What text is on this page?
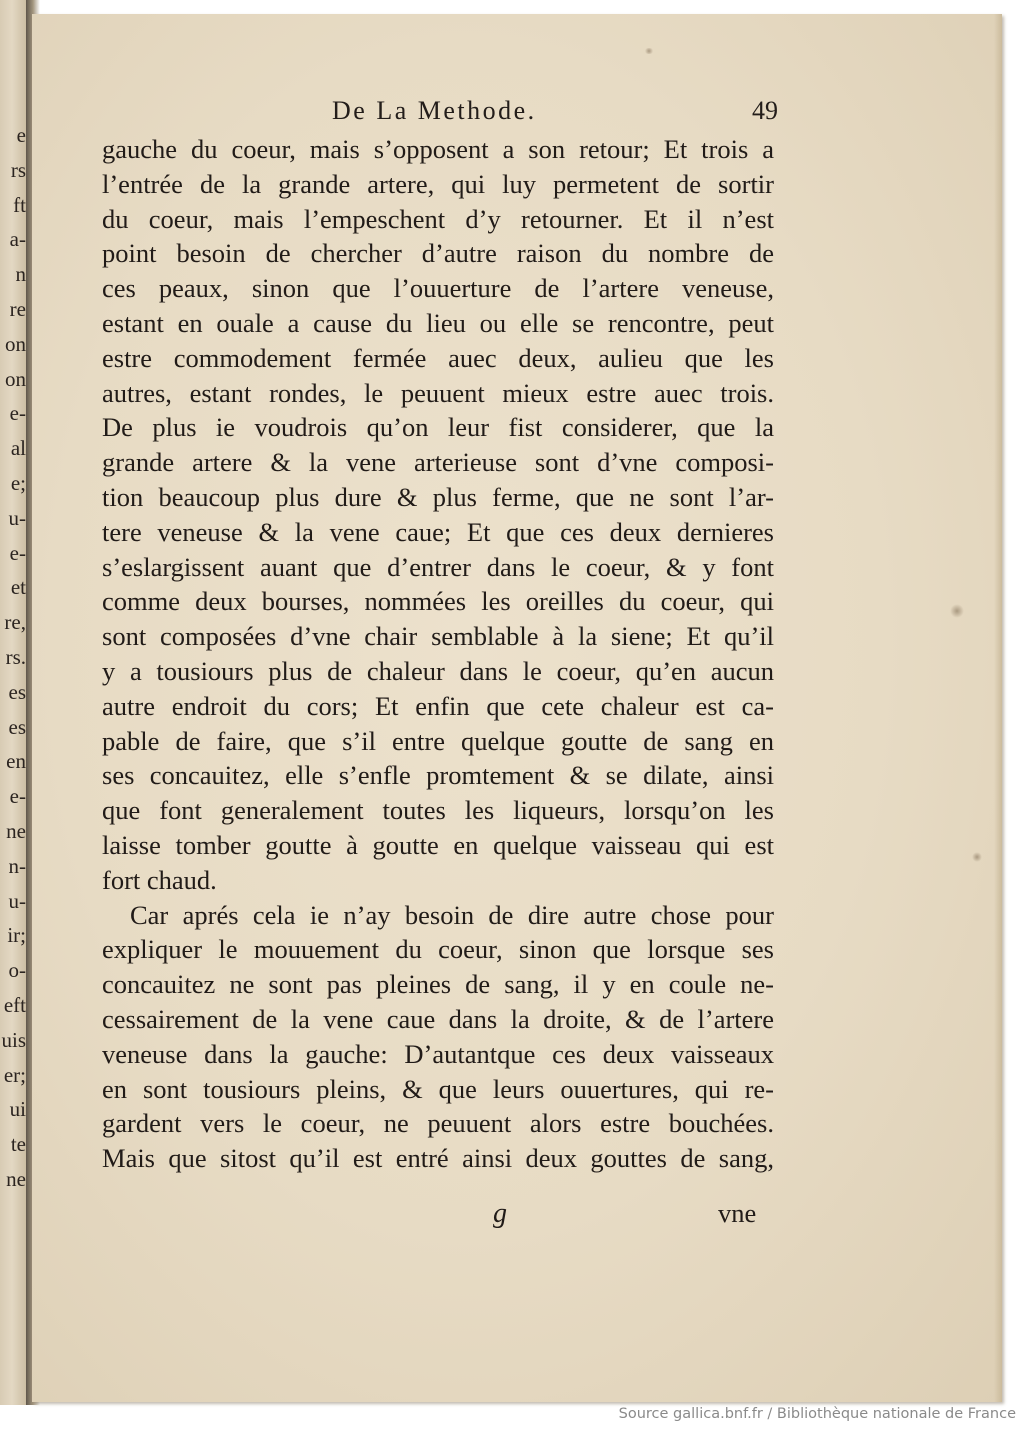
e
rs
ft
a-
n
re
on
on
e-
al
e;
u-
e-
et
re,
rs.
es
es
en
e-
ne
n-
u-
ir;
o-
eft
uis
er;
ui
te
ne
De La Methode.	49
gauche du coeur, mais s’opposent a son retour; Et trois a
l’entrée de la grande artere, qui luy permetent de sortir
du coeur, mais l’empeschent d’y retourner. Et il n’est
point besoin de chercher d’autre raison du nombre de
ces peaux, sinon que l’ouuerture de l’artere veneuse,
estant en ouale a cause du lieu ou elle se rencontre, peut
estre commodement fermée auec deux, aulieu que les
autres, estant rondes, le peuuent mieux estre auec trois.
De plus ie voudrois qu’on leur fist considerer, que la
grande artere & la vene arterieuse sont d’vne composi-
tion beaucoup plus dure & plus ferme, que ne sont l’ar-
tere veneuse & la vene caue; Et que ces deux dernieres
s’eslargissent auant que d’entrer dans le coeur, & y font
comme deux bourses, nommées les oreilles du coeur, qui
sont composées d’vne chair semblable à la siene; Et qu’il
y a tousiours plus de chaleur dans le coeur, qu’en aucun
autre endroit du cors; Et enfin que cete chaleur est ca-
pable de faire, que s’il entre quelque goutte de sang en
ses concauitez, elle s’enfle promtement & se dilate, ainsi
que font generalement toutes les liqueurs, lorsqu’on les
laisse tomber goutte à goutte en quelque vaisseau qui est
fort chaud.
Car aprés cela ie n’ay besoin de dire autre chose pour
expliquer le mouuement du coeur, sinon que lorsque ses
concauitez ne sont pas pleines de sang, il y en coule ne-
cessairement de la vene caue dans la droite, & de l’artere
veneuse dans la gauche: D’autantque ces deux vaisseaux
en sont tousiours pleins, & que leurs ouuertures, qui re-
gardent vers le coeur, ne peuuent alors estre bouchées.
Mais que sitost qu’il est entré ainsi deux gouttes de sang,
g	vne
Source gallica.bnf.fr / Bibliothèque nationale de France
